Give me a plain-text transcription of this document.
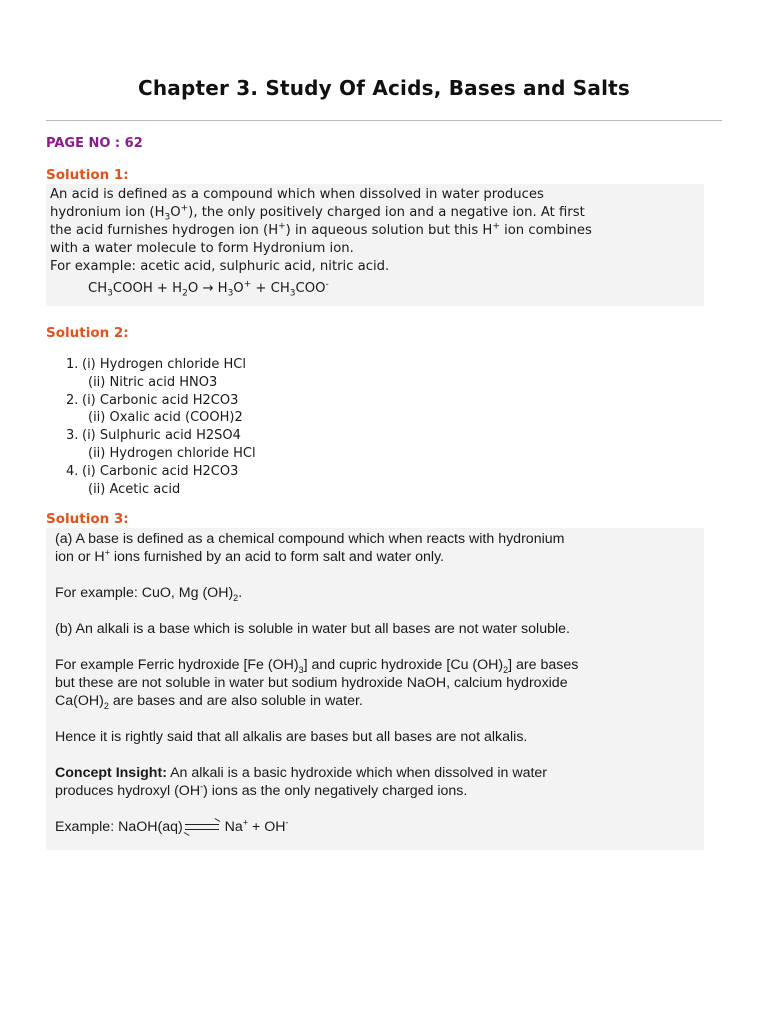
Chapter 3. Study Of Acids, Bases and Salts
PAGE NO : 62
Solution 1:
An acid is defined as a compound which when dissolved in water produces
hydronium ion $(H_3O^+)$, the only positively charged ion and a negative ion. At first
the acid furnishes hydrogen ion (H+) in aqueous solution but this H+ ion combines
with a water molecule to form Hydronium ion.
For example: acetic acid, sulphuric acid, nitric acid.
$CH_3COOH + H_2O \to H_3O^+ + CH_3COO^-$
Solution 2:
1. (i) Hydrogen chloride HCl
(ii) Nitric acid HNO3
2. (i) Carbonic acid H2CO3
(ii) Oxalic acid (COOH)2
3. (i) Sulphuric acid H2SO4
(ii) Hydrogen chloride HCl
4. (i) Carbonic acid H2CO3
(ii) Acetic acid
Solution 3:

(a) A base is defined as a chemical compound which when reacts with hydronium
ion or H+ ions furnished by an acid to form salt and water only.

For example: CuO, Mg $(OH)_2$.

(b) An alkali is a base which is soluble in water but all bases are not water soluble.

For example Ferric hydroxide [Fe $(OH)_3$] and cupric hydroxide [Cu $(OH)_2$] are bases
but these are not soluble in water but sodium hydroxide NaOH, calcium hydroxide
$Ca(OH)_2$ are bases and are also soluble in water.

Hence it is rightly said that all alkalis are bases but all bases are not alkalis.

Concept Insight: An alkali is a basic hydroxide which when dissolved in water
produces hydroxyl (OH-) ions as the only negatively charged ions.

Example: NaOH(aq)⇌ Na+ + OH-
